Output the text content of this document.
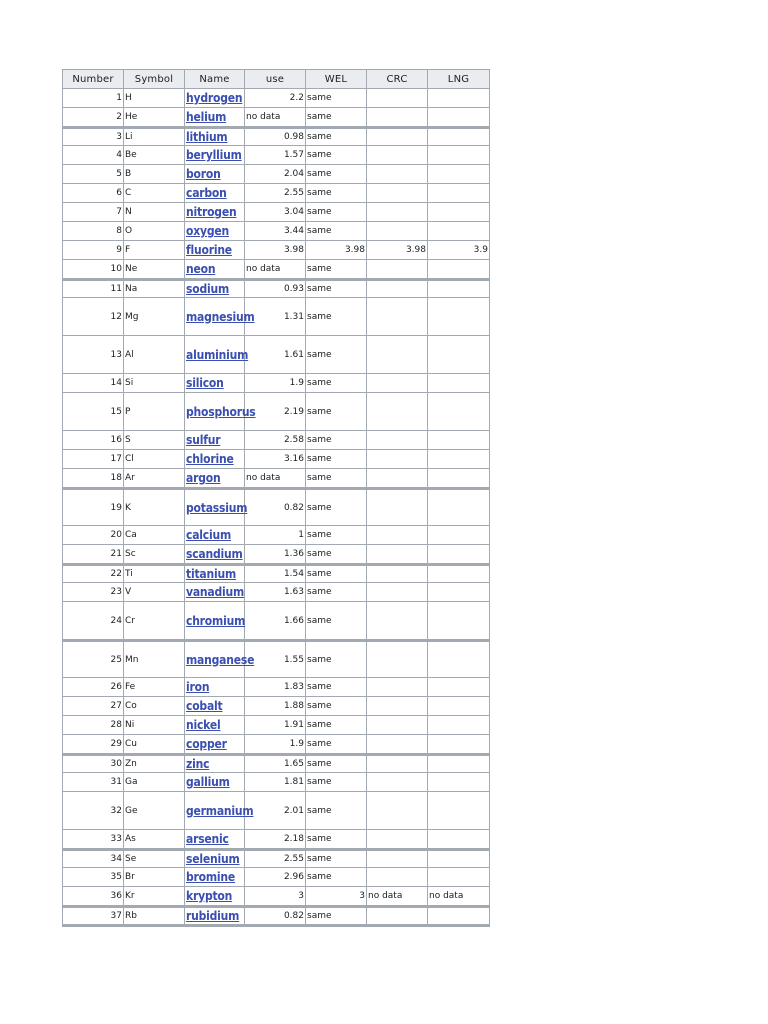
Number	Symbol	Name	use	WEL	CRC	LNG
1	H	hydrogen	2.2	same		
2	He	helium	no data	same		
3	Li	lithium	0.98	same		
4	Be	beryllium	1.57	same		
5	B	boron	2.04	same		
6	C	carbon	2.55	same		
7	N	nitrogen	3.04	same		
8	O	oxygen	3.44	same		
9	F	fluorine	3.98	3.98	3.98	3.9
10	Ne	neon	no data	same		
11	Na	sodium	0.93	same		
12	Mg	magnesium	1.31	same		
13	Al	aluminium	1.61	same		
14	Si	silicon	1.9	same		
15	P	phosphorus	2.19	same		
16	S	sulfur	2.58	same		
17	Cl	chlorine	3.16	same		
18	Ar	argon	no data	same		
19	K	potassium	0.82	same		
20	Ca	calcium	1	same		
21	Sc	scandium	1.36	same		
22	Ti	titanium	1.54	same		
23	V	vanadium	1.63	same		
24	Cr	chromium	1.66	same		
25	Mn	manganese	1.55	same		
26	Fe	iron	1.83	same		
27	Co	cobalt	1.88	same		
28	Ni	nickel	1.91	same		
29	Cu	copper	1.9	same		
30	Zn	zinc	1.65	same		
31	Ga	gallium	1.81	same		
32	Ge	germanium	2.01	same		
33	As	arsenic	2.18	same		
34	Se	selenium	2.55	same		
35	Br	bromine	2.96	same		
36	Kr	krypton	3	3	no data	no data
37	Rb	rubidium	0.82	same		
